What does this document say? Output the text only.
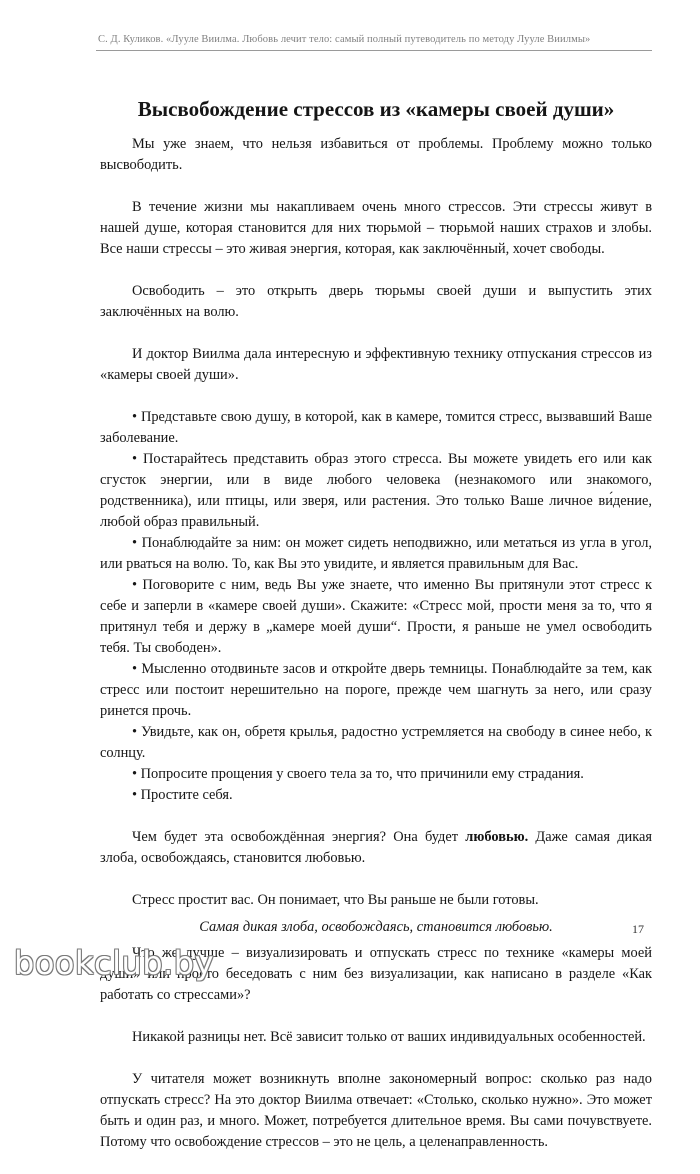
С. Д. Куликов. «Лууле Виилма. Любовь лечит тело: самый полный путеводитель по методу Лууле Виилмы»
Высвобождение стрессов из «камеры своей души»

Мы уже знаем, что нельзя избавиться от проблемы. Проблему можно только высвободить.

В течение жизни мы накапливаем очень много стрессов. Эти стрессы живут в нашей душе, которая становится для них тюрьмой – тюрьмой наших страхов и злобы. Все наши стрессы – это живая энергия, которая, как заключённый, хочет свободы.

Освободить – это открыть дверь тюрьмы своей души и выпустить этих заключённых на волю.

И доктор Виилма дала интересную и эффективную технику отпускания стрессов из «камеры своей души».

• Представьте свою душу, в которой, как в камере, томится стресс, вызвавший Ваше заболевание.

• Постарайтесь представить образ этого стресса. Вы можете увидеть его или как сгусток энергии, или в виде любого человека (незнакомого или знакомого, родственника), или птицы, или зверя, или растения. Это только Ваше личное ви́дение, любой образ правильный.

• Понаблюдайте за ним: он может сидеть неподвижно, или метаться из угла в угол, или рваться на волю. То, как Вы это увидите, и является правильным для Вас.

• Поговорите с ним, ведь Вы уже знаете, что именно Вы притянули этот стресс к себе и заперли в «камере своей души». Скажите: «Стресс мой, прости меня за то, что я притянул тебя и держу в „камере моей души“. Прости, я раньше не умел освободить тебя. Ты свободен».

• Мысленно отодвиньте засов и откройте дверь темницы. Понаблюдайте за тем, как стресс или постоит нерешительно на пороге, прежде чем шагнуть за него, или сразу ринется прочь.

• Увидьте, как он, обретя крылья, радостно устремляется на свободу в синее небо, к солнцу.

• Попросите прощения у своего тела за то, что причинили ему страдания.

• Простите себя.

Чем будет эта освобождённая энергия? Она будет любовью. Даже самая дикая злоба, освобождаясь, становится любовью.

Стресс простит вас. Он понимает, что Вы раньше не были готовы.

Самая дикая злоба, освобождаясь, становится любовью.

Что же лучше – визуализировать и отпускать стресс по технике «камеры моей души» или просто беседовать с ним без визуализации, как написано в разделе «Как работать со стрессами»?

Никакой разницы нет. Всё зависит только от ваших индивидуальных особенностей.

У читателя может возникнуть вполне закономерный вопрос: сколько раз надо отпускать стресс? На это доктор Виилма отвечает: «Столько, сколько нужно». Это может быть и один раз, и много. Может, потребуется длительное время. Вы сами почувствуете. Потому что освобождение стрессов – это не цель, а целенаправленность.

17
bookclub.by
